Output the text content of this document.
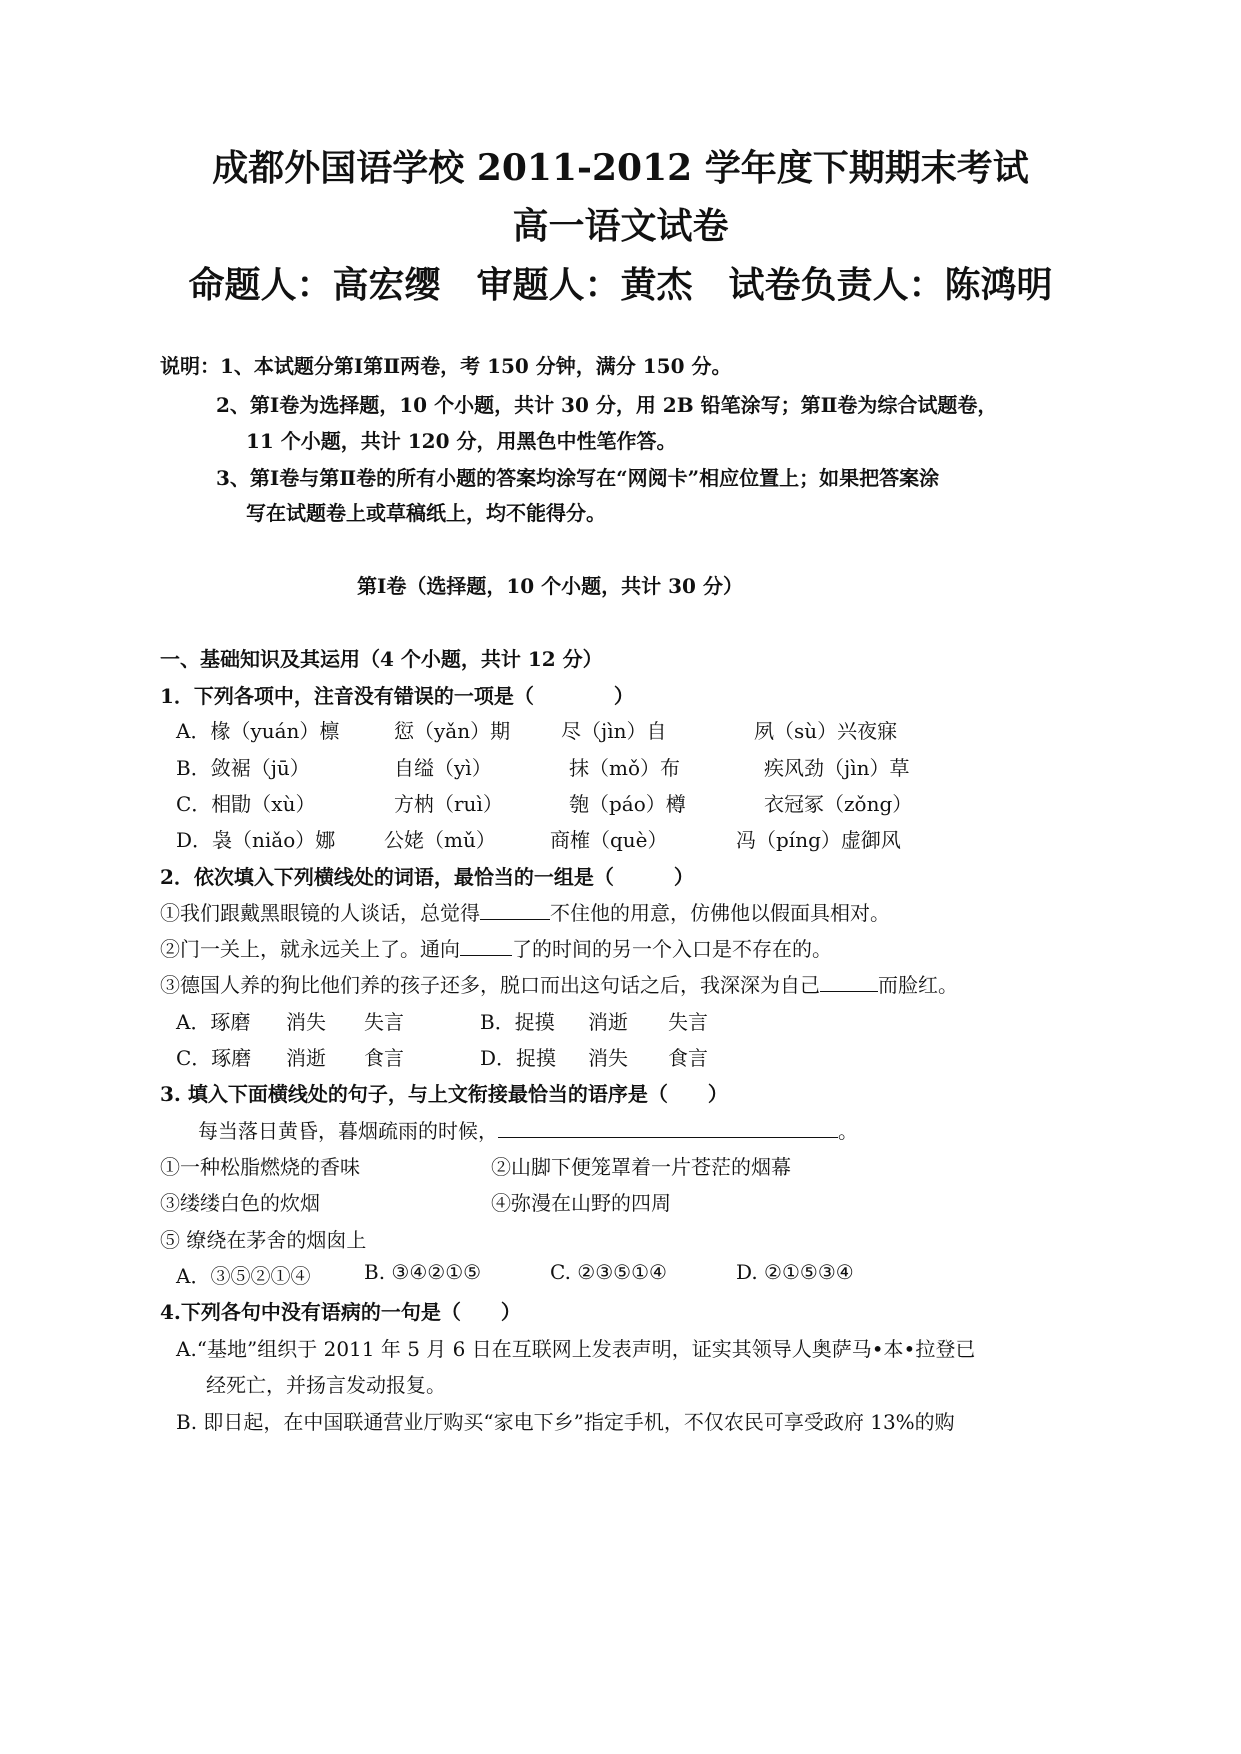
成都外国语学校 2011-2012 学年度下期期末考试
高一语文试卷
命题人：高宏缨　审题人：黄杰　试卷负责人：陈鸿明
说明：1、本试题分第Ⅰ第Ⅱ两卷，考 150 分钟，满分 150 分。
2、第Ⅰ卷为选择题，10 个小题，共计 30 分，用 2B 铅笔涂写；第Ⅱ卷为综合试题卷，
11 个小题，共计 120 分，用黑色中性笔作答。
3、第Ⅰ卷与第Ⅱ卷的所有小题的答案均涂写在“网阅卡”相应位置上；如果把答案涂
写在试题卷上或草稿纸上，均不能得分。
第Ⅰ卷（选择题，10 个小题，共计 30 分）
一、基础知识及其运用（4 个小题，共计 12 分）
1．下列各项中，注音没有错误的一项是（　　　　）
A．椽（yuán）檩	愆（yǎn）期	尽（jìn）自	夙（sù）兴夜寐
B．敛裾（jū）	自缢（yì）	抹（mǒ）布	疾风劲（jìn）草
C．相勖（xù）	方枘（ruì）	匏（páo）樽	衣冠冢（zǒng）
D．袅（niǎo）娜 公姥（mǔ）	商榷（què）	冯（píng）虚御风
2．依次填入下列横线处的词语，最恰当的一组是（　　　）
①我们跟戴黑眼镜的人谈话，总觉得	不住他的用意，仿佛他以假面具相对。
②门一关上，就永远关上了。通向	了的时间的另一个入口是不存在的。
③德国人养的狗比他们养的孩子还多，脱口而出这句话之后，我深深为自己	而脸红。
A．琢磨 消失 失言	B．捉摸 消逝 失言
C．琢磨 消逝 食言	D．捉摸 消失 食言
3. 填入下面横线处的句子，与上文衔接最恰当的语序是（　　）
每当落日黄昏，暮烟疏雨的时候，	。
①一种松脂燃烧的香味	②山脚下便笼罩着一片苍茫的烟幕
③缕缕白色的炊烟	④弥漫在山野的四周
⑤ 缭绕在茅舍的烟囱上
A．③⑤②①④	B. ③④②①⑤	C. ②③⑤①④	D. ②①⑤③④
4.下列各句中没有语病的一句是（　　）
A.“基地”组织于 2011 年 5 月 6 日在互联网上发表声明，证实其领导人奥萨马•本•拉登已
经死亡，并扬言发动报复。
B. 即日起，在中国联通营业厅购买“家电下乡”指定手机，不仅农民可享受政府 13%的购
